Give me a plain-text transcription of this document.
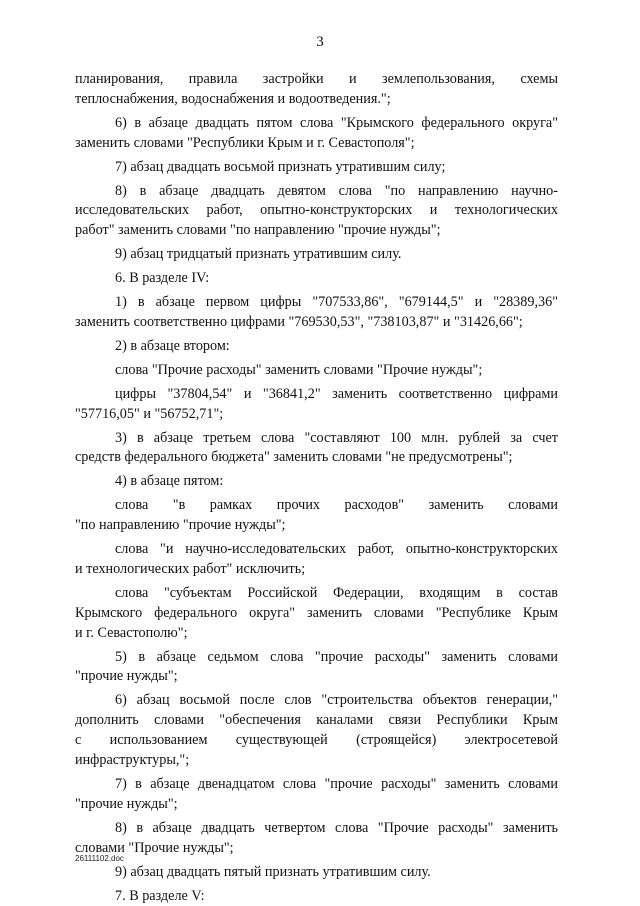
3
планирования, правила застройки и землепользования, схемы
теплоснабжения, водоснабжения и водоотведения.";
6) в абзаце двадцать пятом слова "Крымского федерального округа"
заменить словами "Республики Крым и г. Севастополя";
7) абзац двадцать восьмой признать утратившим силу;
8) в абзаце двадцать девятом слова "по направлению научно-
исследовательских работ, опытно-конструкторских и технологических
работ" заменить словами "по направлению "прочие нужды";
9) абзац тридцатый признать утратившим силу.
6. В разделе IV:
1) в абзаце первом цифры "707533,86", "679144,5" и "28389,36"
заменить соответственно цифрами "769530,53", "738103,87" и "31426,66";
2) в абзаце втором:
слова "Прочие расходы" заменить словами "Прочие нужды";
цифры "37804,54" и "36841,2" заменить соответственно цифрами
"57716,05" и "56752,71";
3) в абзаце третьем слова "составляют 100 млн. рублей за счет
средств федерального бюджета" заменить словами "не предусмотрены";
4) в абзаце пятом:
слова "в рамках прочих расходов" заменить словами
"по направлению "прочие нужды";
слова "и научно-исследовательских работ, опытно-конструкторских
и технологических работ" исключить;
слова "субъектам Российской Федерации, входящим в состав
Крымского федерального округа" заменить словами "Республике Крым
и г. Севастополю";
5) в абзаце седьмом слова "прочие расходы" заменить словами
"прочие нужды";
6) абзац восьмой после слов "строительства объектов генерации,"
дополнить словами "обеспечения каналами связи Республики Крым
с использованием существующей (строящейся) электросетевой
инфраструктуры,";
7) в абзаце двенадцатом слова "прочие расходы" заменить словами
"прочие нужды";
8) в абзаце двадцать четвертом слова "Прочие расходы" заменить
словами "Прочие нужды";
9) абзац двадцать пятый признать утратившим силу.
7. В разделе V:
26111102.doc
